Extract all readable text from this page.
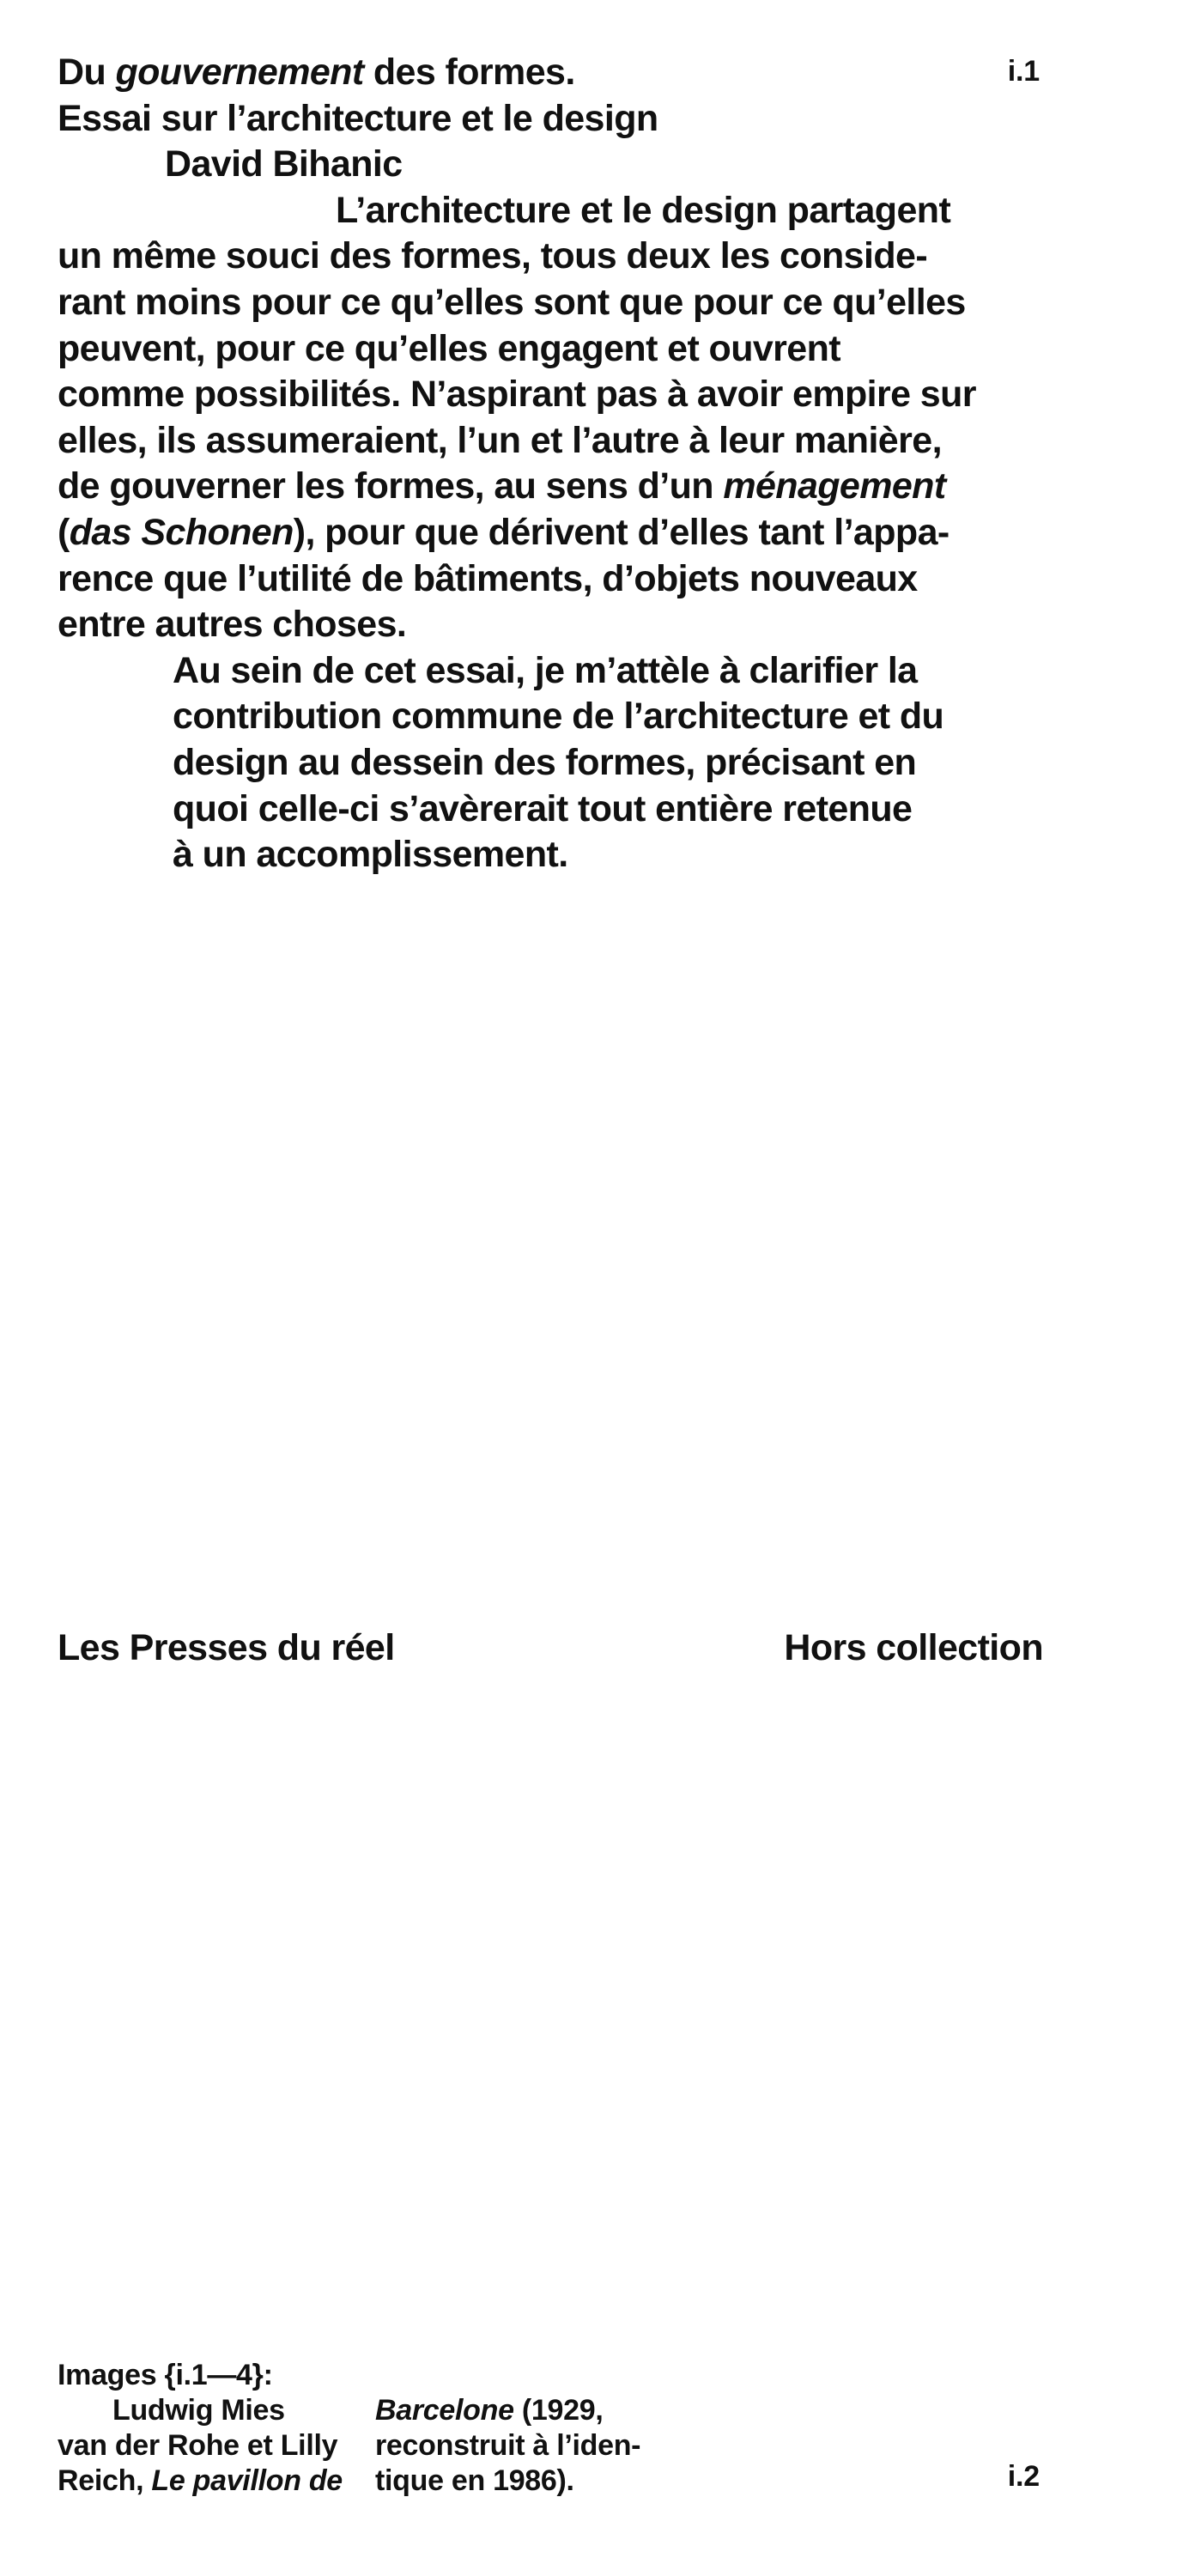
i.1

Du gouvernement des formes.
Essai sur l’architecture et le design
David Bihanic
L’architecture et le design partagent
un même souci des formes, tous deux les conside-
rant moins pour ce qu’elles sont que pour ce qu’elles
peuvent, pour ce qu’elles engagent et ouvrent
comme possibilités. N’aspirant pas à avoir empire sur
elles, ils assumeraient, l’un et l’autre à leur manière,
de gouverner les formes, au sens d’un ménagement
(das Schonen), pour que dérivent d’elles tant l’appa-
rence que l’utilité de bâtiments, d’objets nouveaux
entre autres choses.
Au sein de cet essai, je m’attèle à clarifier la
contribution commune de l’architecture et du
design au dessein des formes, précisant en
quoi celle-ci s’avèrerait tout entière retenue
à un accomplissement.

Les Presses du réel	Hors collection

Images {i.1—4}:
Ludwig Mies
van der Rohe et Lilly
Reich, Le pavillon de
Barcelone (1929,
reconstruit à l’iden-
tique en 1986).	i.2
